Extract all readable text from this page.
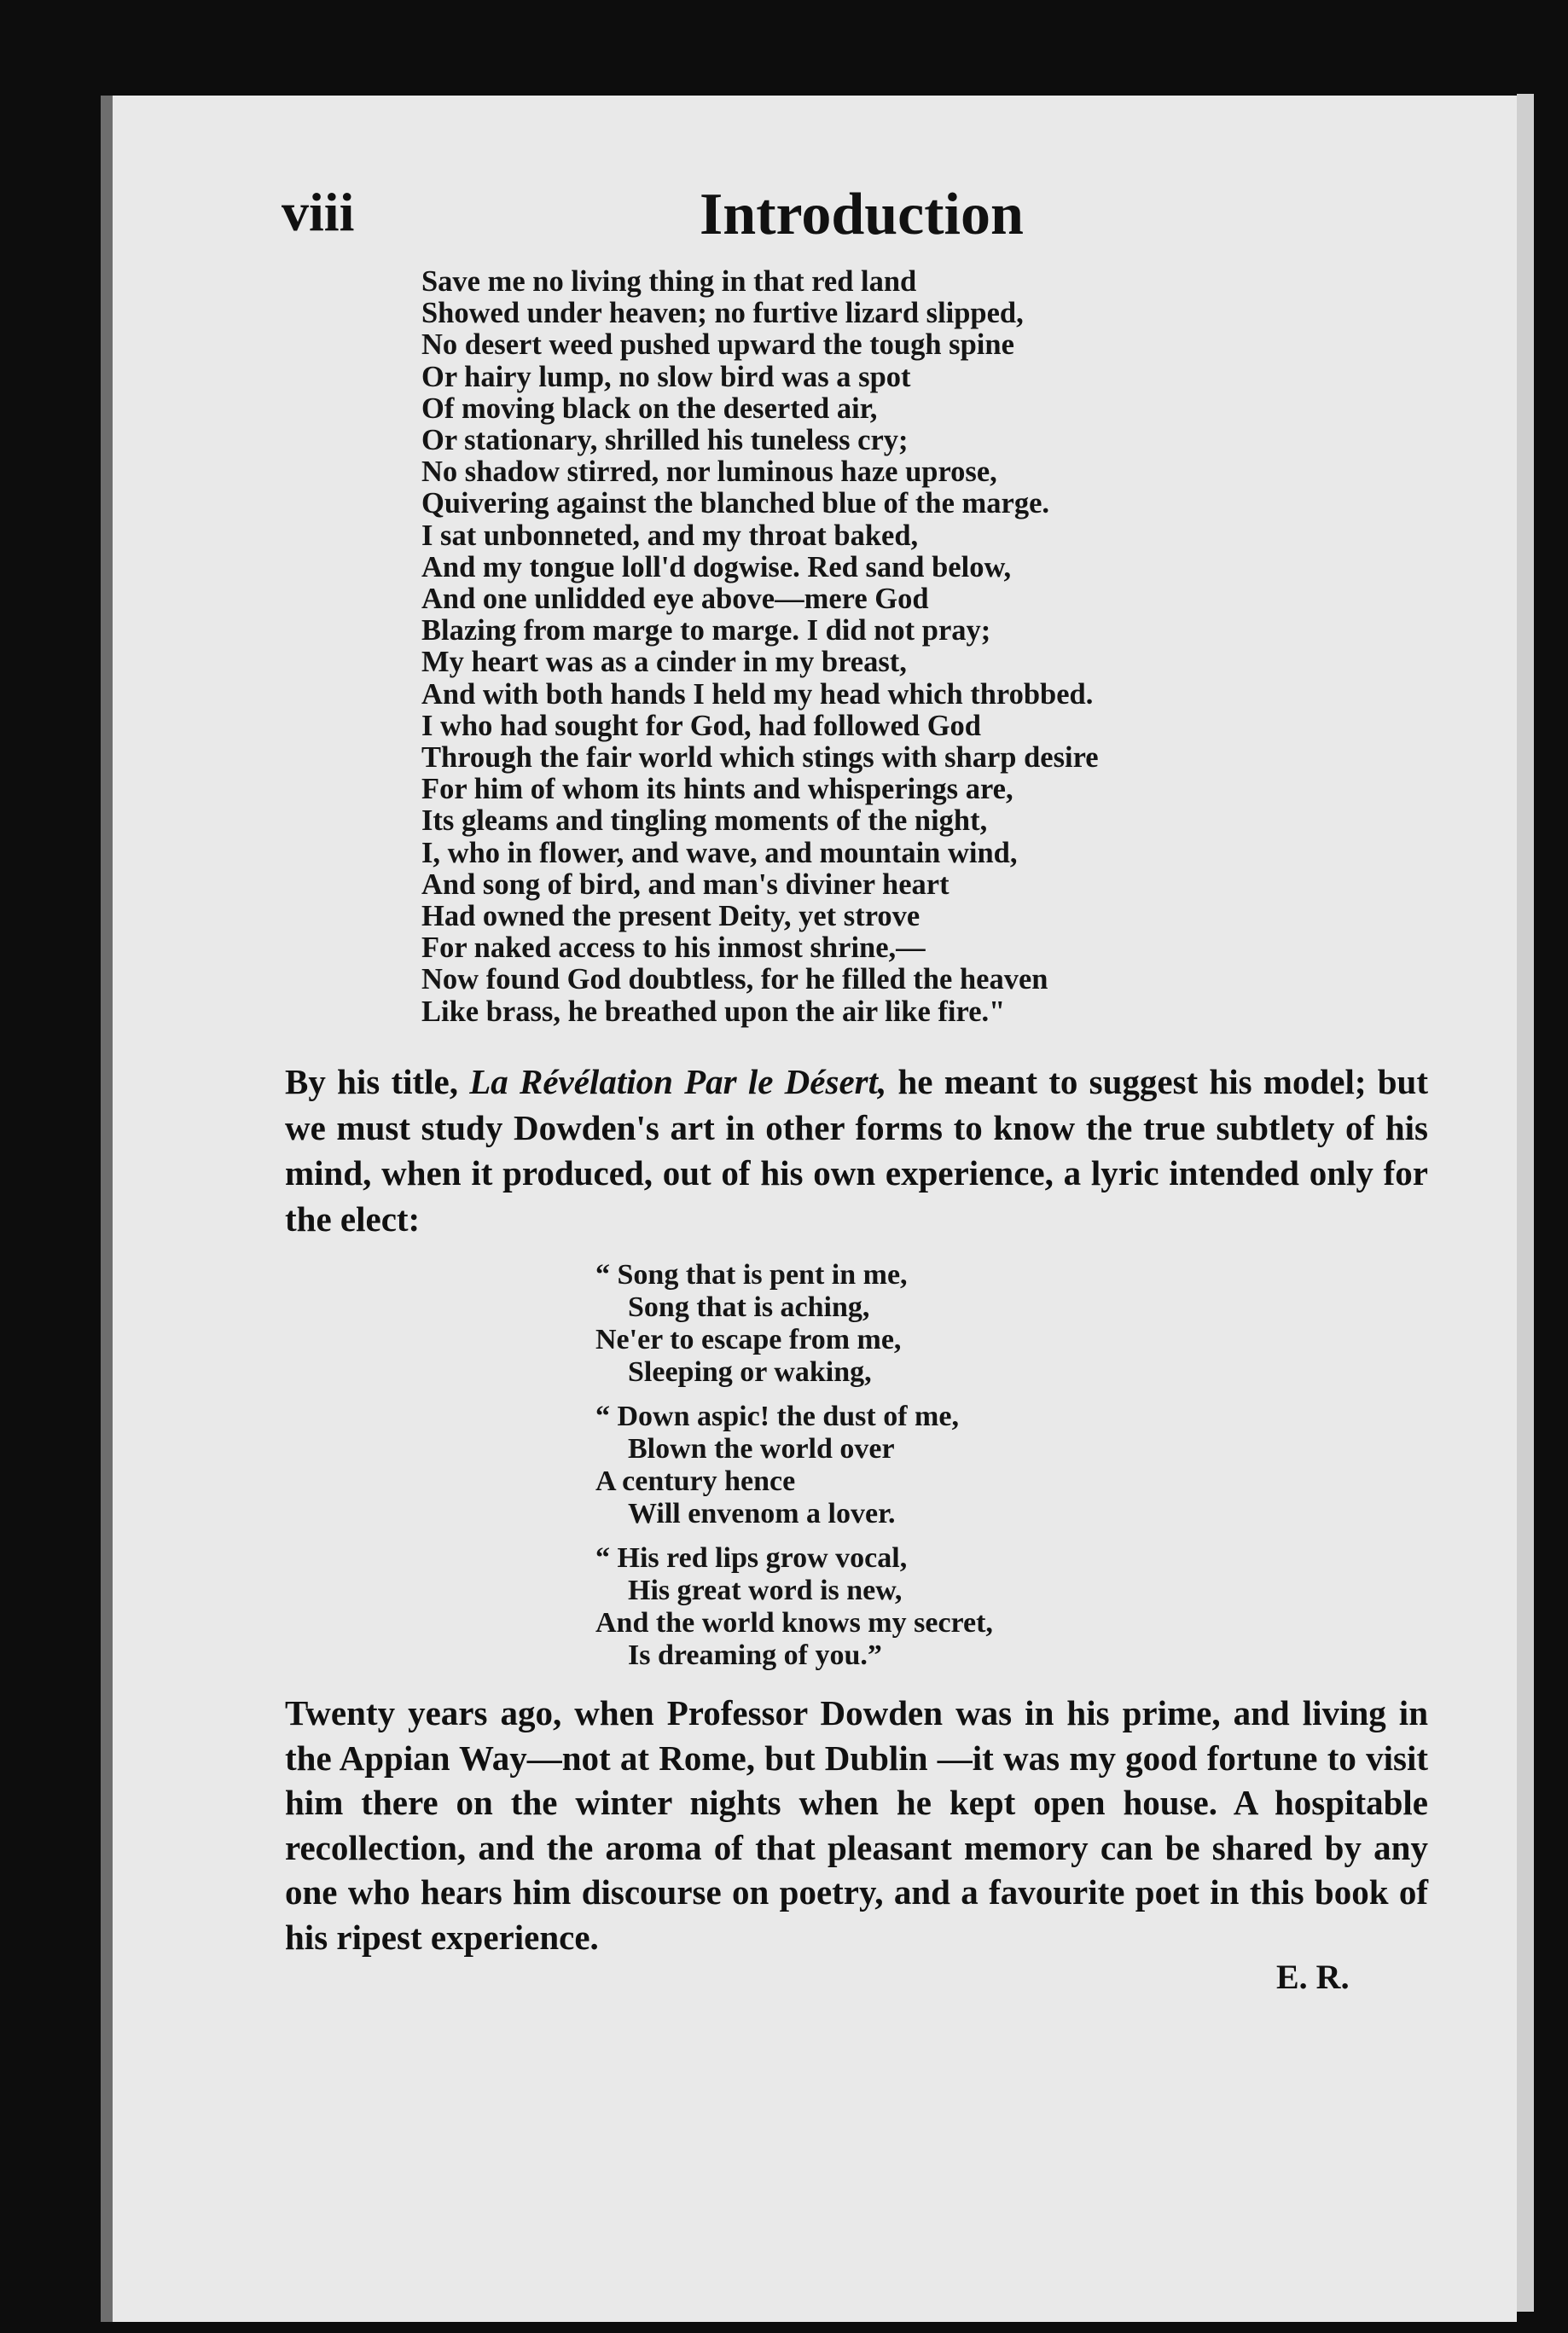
viii	Introduction
Save me no living thing in that red land
Showed under heaven; no furtive lizard slipped,
No desert weed pushed upward the tough spine
Or hairy lump, no slow bird was a spot
Of moving black on the deserted air,
Or stationary, shrilled his tuneless cry;
No shadow stirred, nor luminous haze uprose,
Quivering against the blanched blue of the marge.
I sat unbonneted, and my throat baked,
And my tongue loll'd dogwise. Red sand below,
And one unlidded eye above—mere God
Blazing from marge to marge. I did not pray;
My heart was as a cinder in my breast,
And with both hands I held my head which throbbed.
I who had sought for God, had followed God
Through the fair world which stings with sharp desire
For him of whom its hints and whisperings are,
Its gleams and tingling moments of the night,
I, who in flower, and wave, and mountain wind,
And song of bird, and man's diviner heart
Had owned the present Deity, yet strove
For naked access to his inmost shrine,—
Now found God doubtless, for he filled the heaven
Like brass, he breathed upon the air like fire."
By his title, La Révélation Par le Désert, he meant to suggest his model; but we must study Dowden's art in other forms to know the true subtlety of his mind, when it produced, out of his own experience, a lyric intended only for the elect:
“ Song that is pent in me,
Song that is aching,
Ne'er to escape from me,
Sleeping or waking,
“ Down aspic! the dust of me,
Blown the world over
A century hence
Will envenom a lover.
“ His red lips grow vocal,
His great word is new,
And the world knows my secret,
Is dreaming of you.”
Twenty years ago, when Professor Dowden was in his prime, and living in the Appian Way—not at Rome, but Dublin —it was my good fortune to visit him there on the winter nights when he kept open house. A hospitable recollection, and the aroma of that pleasant memory can be shared by any one who hears him discourse on poetry, and a favourite poet in this book of his ripest experience.
E. R.
